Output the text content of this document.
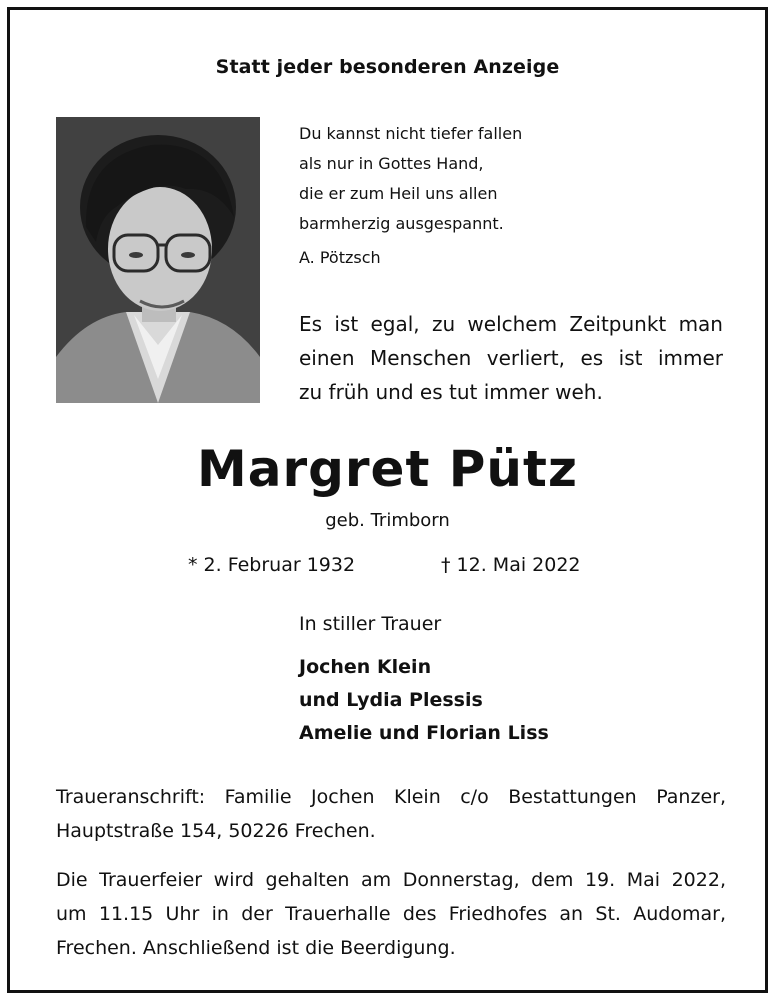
Statt jeder besonderen Anzeige
Du kannst nicht tiefer fallen
als nur in Gottes Hand,
die er zum Heil uns allen
barmherzig ausgespannt.
A. Pötzsch

Es ist egal, zu welchem Zeitpunkt man

einen Menschen verliert, es ist immer

zu früh und es tut immer weh.

Margret Pütz
geb. Trimborn
* 2. Februar 1932	† 12. Mai 2022
In stiller Trauer
Jochen Klein
und Lydia Plessis
Amelie und Florian Liss
Traueranschrift: Familie Jochen Klein c/o Bestattungen Panzer,
Hauptstraße 154, 50226 Frechen.
Die Trauerfeier wird gehalten am Donnerstag, dem 19. Mai 2022,
um 11.15 Uhr in der Trauerhalle des Friedhofes an St. Audomar,
Frechen. Anschließend ist die Beerdigung.
